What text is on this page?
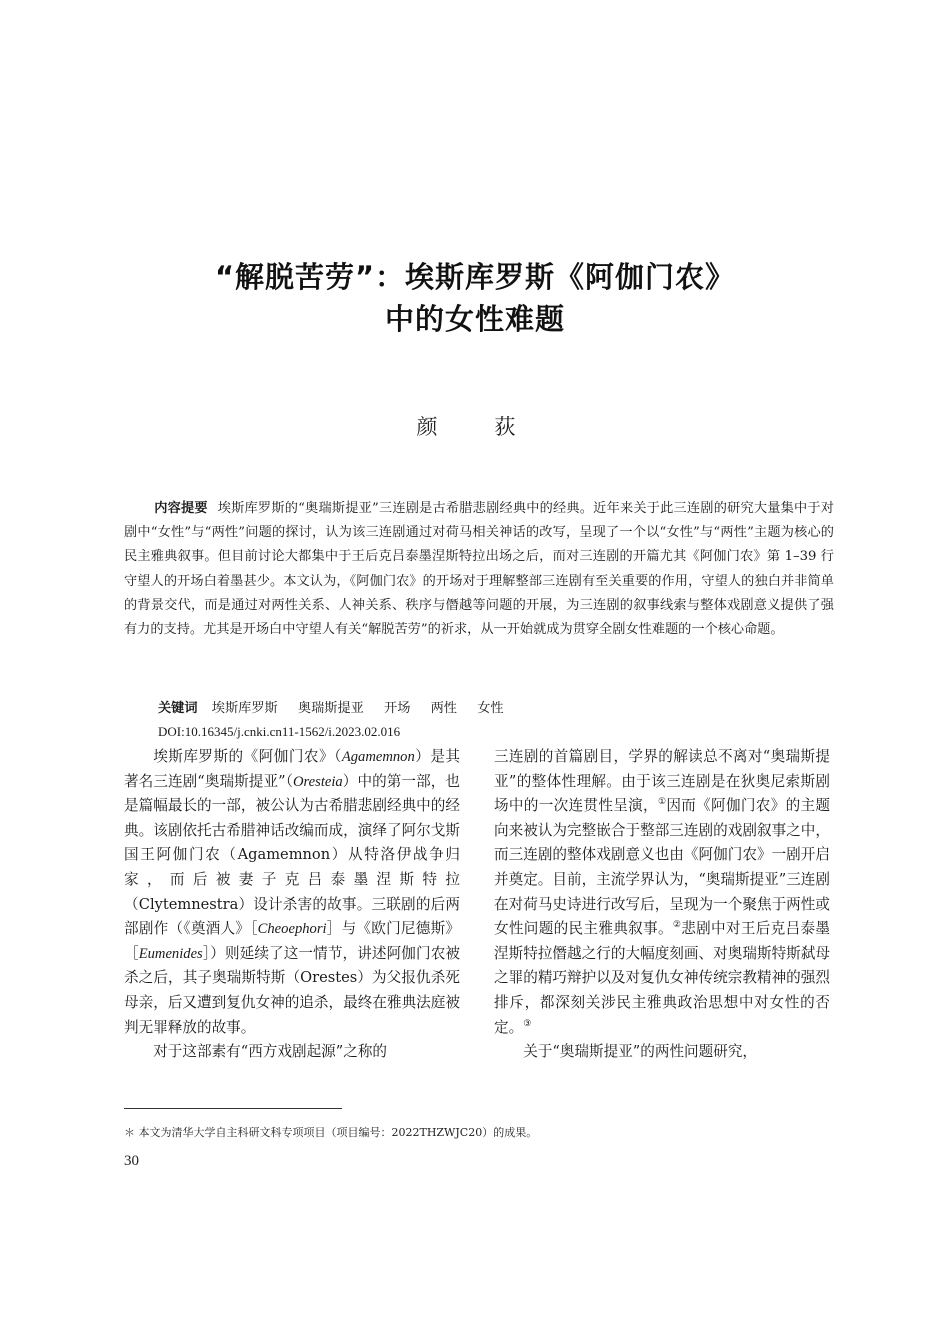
“解脱苦劳”：埃斯库罗斯《阿伽门农》
中的女性难题
颜　荻
内容提要 埃斯库罗斯的“奥瑞斯提亚”三连剧是古希腊悲剧经典中的经典。近年来关于此三连剧的研究大量集中于对剧中“女性”与“两性”问题的探讨，认为该三连剧通过对荷马相关神话的改写，呈现了一个以“女性”与“两性”主题为核心的民主雅典叙事。但目前讨论大都集中于王后克吕泰墨涅斯特拉出场之后，而对三连剧的开篇尤其《阿伽门农》第 1–39 行守望人的开场白着墨甚少。本文认为，《阿伽门农》的开场对于理解整部三连剧有至关重要的作用，守望人的独白并非简单的背景交代，而是通过对两性关系、人神关系、秩序与僭越等问题的开展，为三连剧的叙事线索与整体戏剧意义提供了强有力的支持。尤其是开场白中守望人有关“解脱苦劳”的祈求，从一开始就成为贯穿全剧女性难题的一个核心命题。
关键词 埃斯库罗斯 奥瑞斯提亚 开场 两性 女性
DOI:10.16345/j.cnki.cn11-1562/i.2023.02.016

埃斯库罗斯的《阿伽门农》（Agamemnon）是其著名三连剧“奥瑞斯提亚”（Oresteia）中的第一部，也是篇幅最长的一部，被公认为古希腊悲剧经典中的经典。该剧依托古希腊神话改编而成，演绎了阿尔戈斯国王阿伽门农（Agamemnon）从特洛伊战争归家，而后被妻子克吕泰墨涅斯特拉（Clytemnestra）设计杀害的故事。三联剧的后两部剧作（《奠酒人》［Cheoephori］与《欧门尼德斯》［Eumenides］）则延续了这一情节，讲述阿伽门农被杀之后，其子奥瑞斯特斯（Orestes）为父报仇杀死母亲，后又遭到复仇女神的追杀，最终在雅典法庭被判无罪释放的故事。

对于这部素有“西方戏剧起源”之称的

三连剧的首篇剧目，学界的解读总不离对“奥瑞斯提亚”的整体性理解。由于该三连剧是在狄奥尼索斯剧场中的一次连贯性呈演，①因而《阿伽门农》的主题向来被认为完整嵌合于整部三连剧的戏剧叙事之中，而三连剧的整体戏剧意义也由《阿伽门农》一剧开启并奠定。目前，主流学界认为，“奥瑞斯提亚”三连剧在对荷马史诗进行改写后，呈现为一个聚焦于两性或女性问题的民主雅典叙事。②悲剧中对王后克吕泰墨涅斯特拉僭越之行的大幅度刻画、对奥瑞斯特斯弑母之罪的精巧辩护以及对复仇女神传统宗教精神的强烈排斥，都深刻关涉民主雅典政治思想中对女性的否定。③

关于“奥瑞斯提亚”的两性问题研究，

＊ 本文为清华大学自主科研文科专项项目（项目编号：2022THZWJC20）的成果。
30
